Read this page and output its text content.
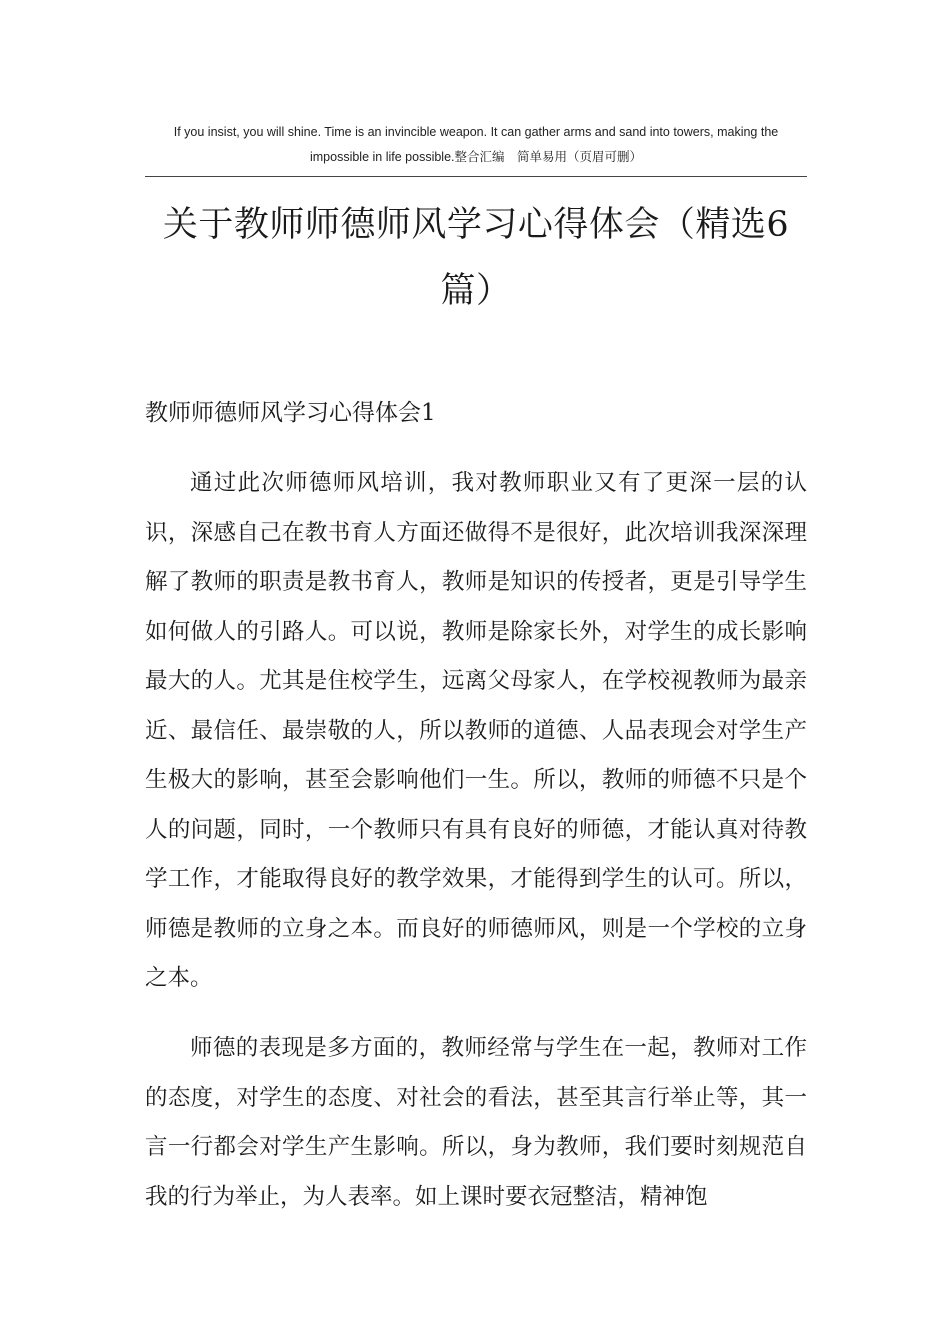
If you insist, you will shine. Time is an invincible weapon. It can gather arms and sand into towers, making the
impossible in life possible.整合汇编　简单易用（页眉可删）
关于教师师德师风学习心得体会（精选6篇）
教师师德师风学习心得体会1

通过此次师德师风培训，我对教师职业又有了更深一层的认识，深感自己在教书育人方面还做得不是很好，此次培训我深深理解了教师的职责是教书育人，教师是知识的传授者，更是引导学生如何做人的引路人。可以说，教师是除家长外，对学生的成长影响最大的人。尤其是住校学生，远离父母家人，在学校视教师为最亲近、最信任、最崇敬的人，所以教师的道德、人品表现会对学生产生极大的影响，甚至会影响他们一生。所以，教师的师德不只是个人的问题，同时，一个教师只有具有良好的师德，才能认真对待教学工作，才能取得良好的教学效果，才能得到学生的认可。所以，师德是教师的立身之本。而良好的师德师风，则是一个学校的立身之本。

师德的表现是多方面的，教师经常与学生在一起，教师对工作的态度，对学生的态度、对社会的看法，甚至其言行举止等，其一言一行都会对学生产生影响。所以，身为教师，我们要时刻规范自我的行为举止，为人表率。如上课时要衣冠整洁，精神饱
